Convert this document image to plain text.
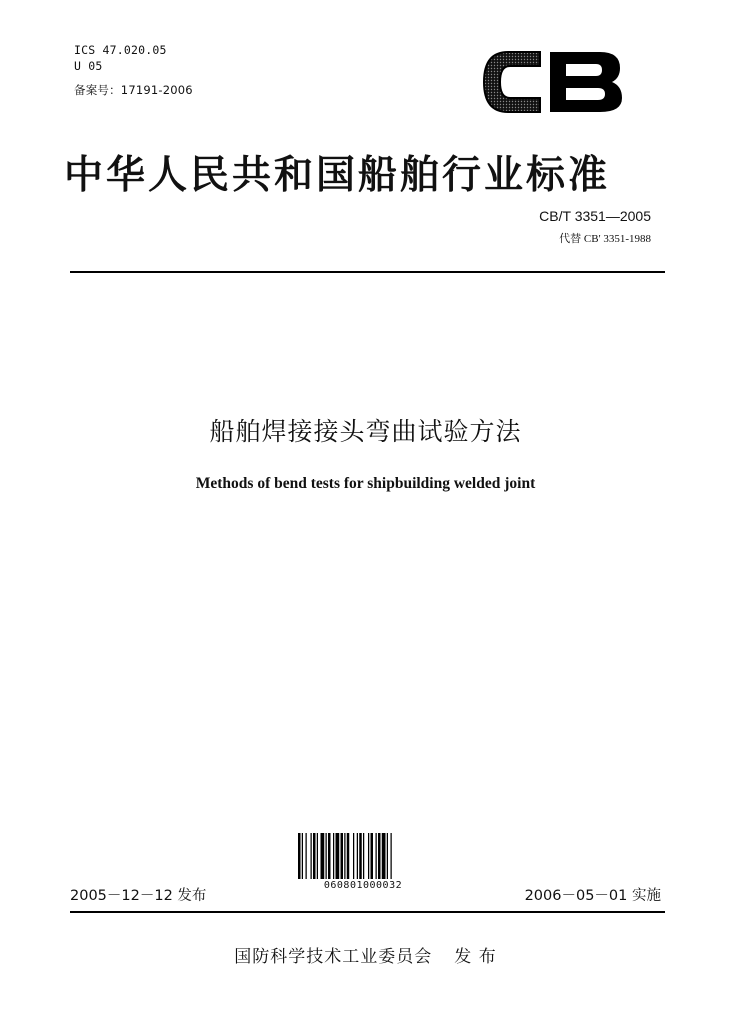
ICS 47.020.05
U 05
备案号：17191-2006
中华人民共和国船舶行业标准
CB/T 3351—2005
代替 CB' 3351-1988
船舶焊接接头弯曲试验方法
Methods of bend tests for shipbuilding welded joint
060801000032
2005－12－12 发布	2006－05－01 实施
国防科学技术工业委员会 发 布
